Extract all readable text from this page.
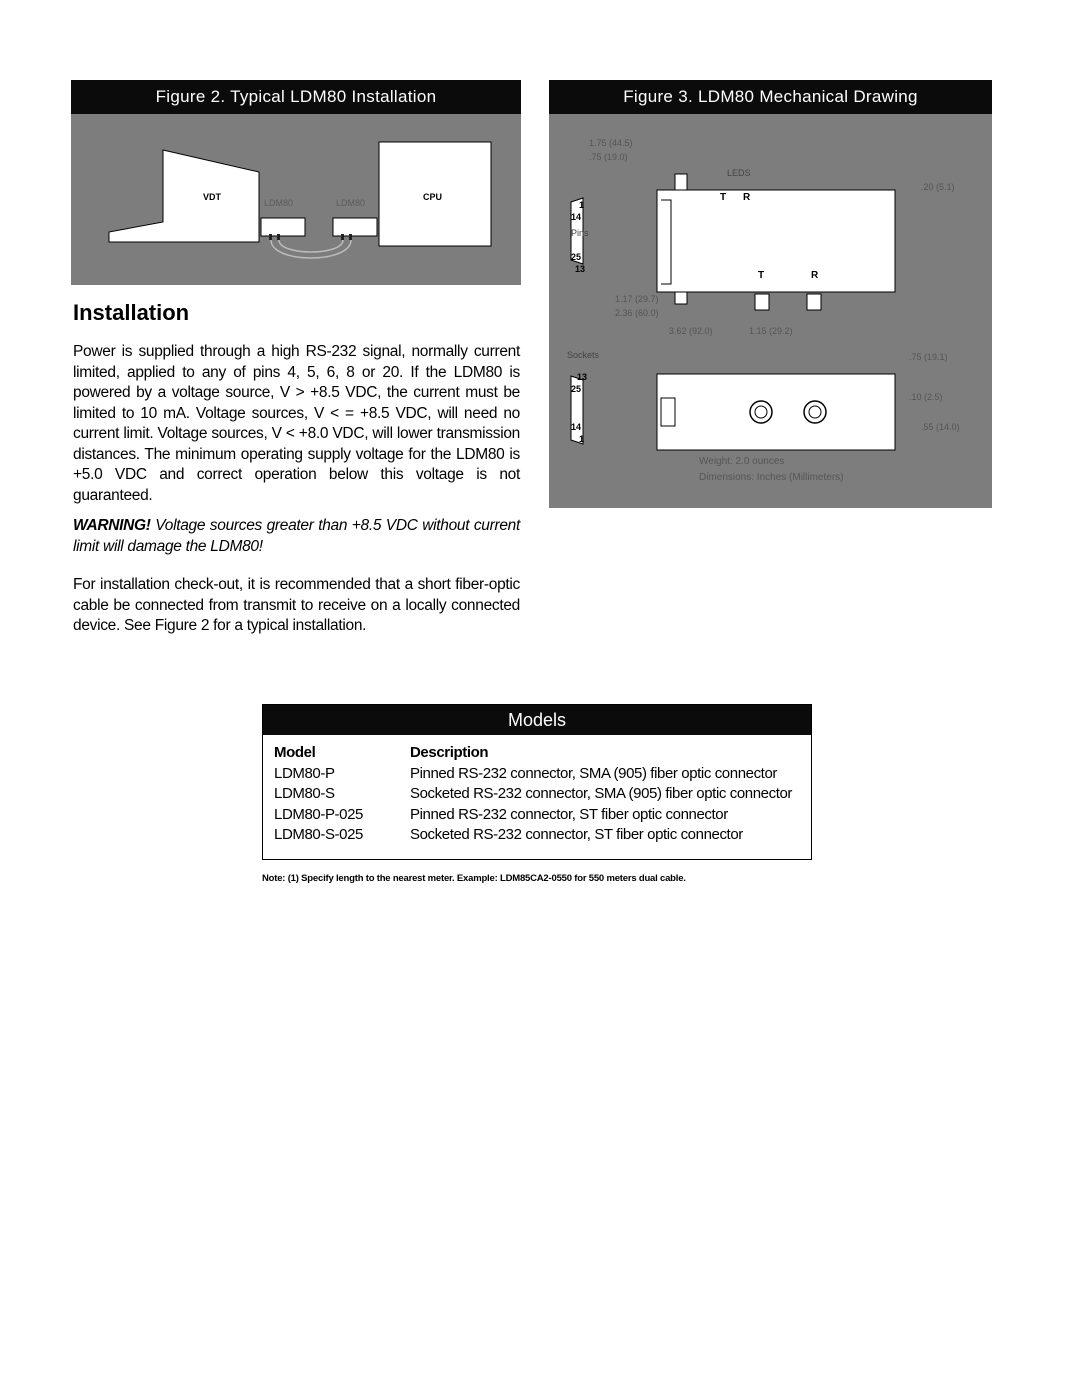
Figure 2. Typical LDM80 Installation
VDT	CPU
LDM80	LDM80
Figure 3. LDM80 Mechanical Drawing
Pins
1
14
25
13
Sockets
13
25
14
1
LEDS
T R
T	R
1.75 (44.5)
.75 (19.0)
.20 (5.1)
1.17 (29.7)
2.36 (60.0)
3.62 (92.0)	1.15 (29.2)
.75 (19.1)
.10 (2.5)
.55 (14.0)
Weight: 2.0 ounces
Dimensions: Inches (Millimeters)
Installation

Power is supplied through a high RS-232 signal, normally current limited, applied to any of pins 4, 5, 6, 8 or 20. If the LDM80 is powered by a voltage source, V > +8.5 VDC, the current must be limited to 10 mA. Voltage sources, V < = +8.5 VDC, will need no current limit. Voltage sources, V < +8.0 VDC, will lower transmission distances. The minimum operating supply voltage for the LDM80 is +5.0 VDC and correct operation below this voltage is not guaranteed.

WARNING! Voltage sources greater than +8.5 VDC without current limit will damage the LDM80!

For installation check-out, it is recommended that a short fiber-optic cable be connected from transmit to receive on a locally connected device. See Figure 2 for a typical installation.

Models
Model	Description
LDM80-P	Pinned RS-232 connector, SMA (905) fiber optic connector
LDM80-S	Socketed RS-232 connector, SMA (905) fiber optic connector
LDM80-P-025	Pinned RS-232 connector, ST fiber optic connector
LDM80-S-025	Socketed RS-232 connector, ST fiber optic connector
Note: (1) Specify length to the nearest meter. Example: LDM85CA2-0550 for 550 meters dual cable.
